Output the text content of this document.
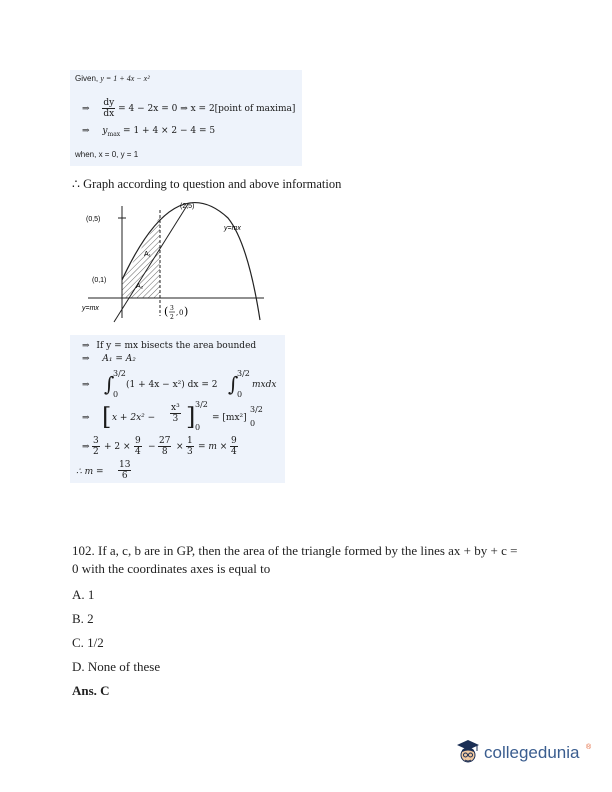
Given, y = 1 + 4x − x²
⇒ $\frac{dy}{dx} = 4 - 2x = 0$ ⇒ x = 2[point of maxima]
⇒ $y_{max} = 1 + 4 \times 2 - 4 = 5$
when, x = 0, y = 1
∴ Graph according to question and above information
(0,5)
(0,1)
(2,5)
y=mx
y=mx
A₁
A₂
( 3
2
, 0 )
⇒ If y = mx bisects the area bounded
⇒ A₁ = A₂
⇒ ∫
3/2
0
(1 + 4x − x²) dx = 2 ∫
3/2
0
mxdx
⇒ [ $x + 2x^2 - \frac{\text{x³}}{3}$ ] 3/2
0
= [mx²]
3/2
0
⇒ $\frac{3}{2} + 2 \times \frac{9}{4} - \frac{27}{8} \times \frac{1}{3} = m \times \frac{9}{4}$
∴ $m = \frac{13}{6}$
102. If a, c, b are in GP, then the area of the triangle formed by the lines ax + by + c =
0 with the coordinates axes is equal to
A. 1
B. 2
C. 1/2
D. None of these
Ans. C
collegedunia ®
